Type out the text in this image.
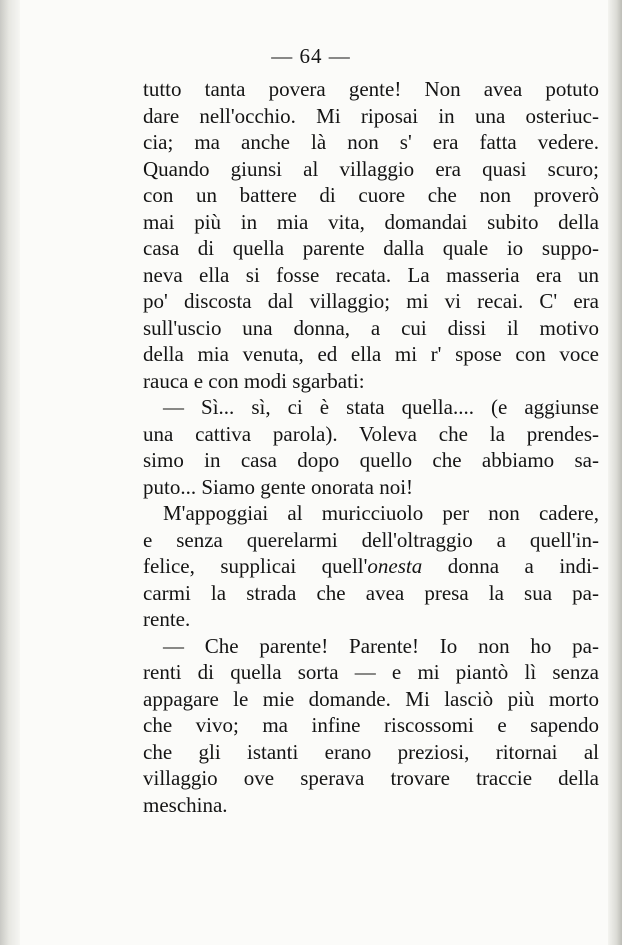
— 64 —
tutto tanta povera gente! Non avea potuto
dare nell'occhio. Mi riposai in una osteriuc-
cia; ma anche là non s' era fatta vedere.
Quando giunsi al villaggio era quasi scuro;
con un battere di cuore che non proverò
mai più in mia vita, domandai subito della
casa di quella parente dalla quale io suppo-
neva ella si fosse recata. La masseria era un
po' discosta dal villaggio; mi vi recai. C' era
sull'uscio una donna, a cui dissi il motivo
della mia venuta, ed ella mi r' spose con voce
rauca e con modi sgarbati:
— Sì... sì, ci è stata quella.... (e aggiunse
una cattiva parola). Voleva che la prendes-
simo in casa dopo quello che abbiamo sa-
puto... Siamo gente onorata noi!
M'appoggiai al muricciuolo per non cadere,
e senza querelarmi dell'oltraggio a quell'in-
felice, supplicai quell'onesta donna a indi-
carmi la strada che avea presa la sua pa-
rente.
— Che parente! Parente! Io non ho pa-
renti di quella sorta — e mi piantò lì senza
appagare le mie domande. Mi lasciò più morto
che vivo; ma infine riscossomi e sapendo
che gli istanti erano preziosi, ritornai al
villaggio ove sperava trovare traccie della
meschina.
